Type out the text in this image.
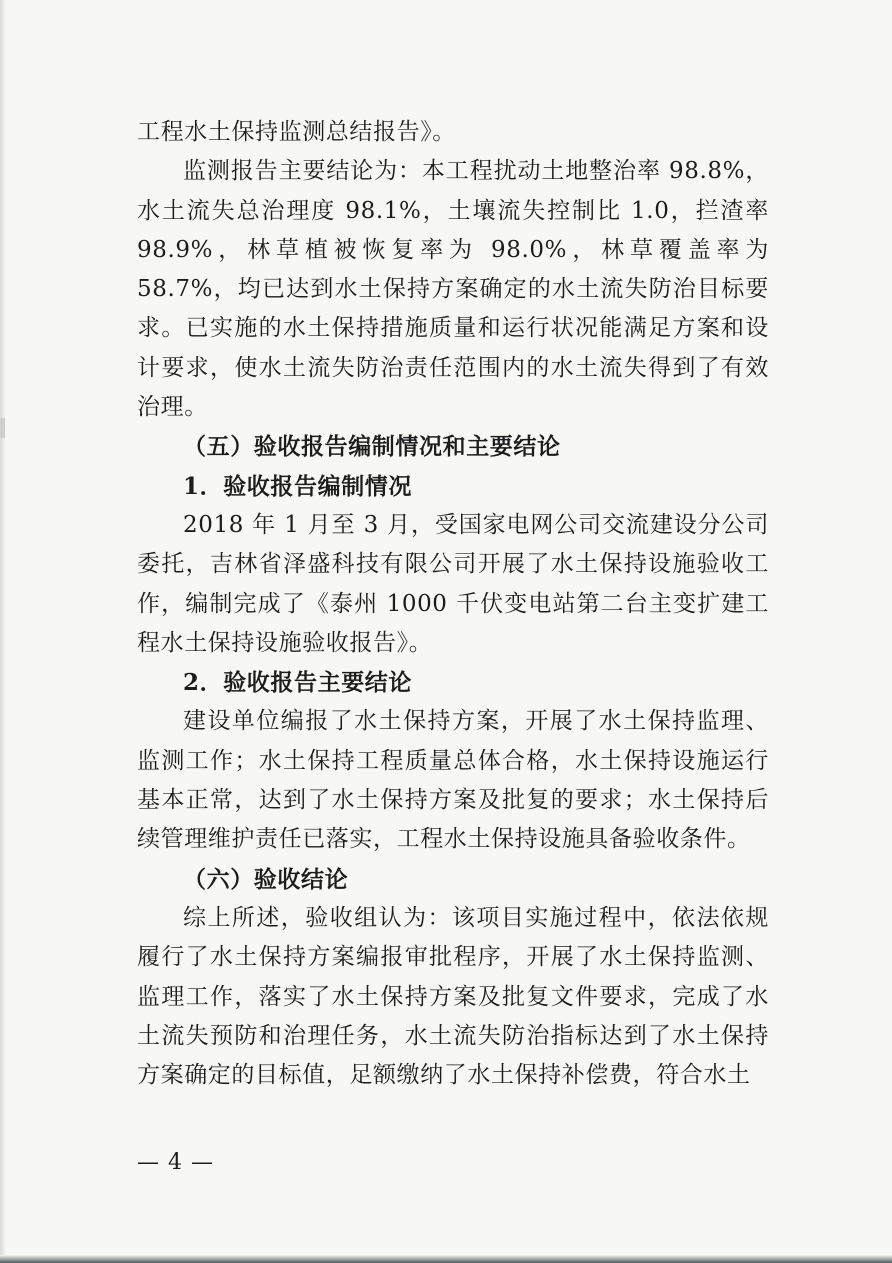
工程水土保持监测总结报告》。

监测报告主要结论为：本工程扰动土地整治率 98.8%，水土流失总治理度 98.1%，土壤流失控制比 1.0，拦渣率 98.9%，林草植被恢复率为 98.0%，林草覆盖率为 58.7%，均已达到水土保持方案确定的水土流失防治目标要求。已实施的水土保持措施质量和运行状况能满足方案和设计要求，使水土流失防治责任范围内的水土流失得到了有效治理。

（五）验收报告编制情况和主要结论

1．验收报告编制情况

2018 年 1 月至 3 月，受国家电网公司交流建设分公司委托，吉林省泽盛科技有限公司开展了水土保持设施验收工作，编制完成了《泰州 1000 千伏变电站第二台主变扩建工程水土保持设施验收报告》。

2．验收报告主要结论

建设单位编报了水土保持方案，开展了水土保持监理、监测工作；水土保持工程质量总体合格，水土保持设施运行基本正常，达到了水土保持方案及批复的要求；水土保持后续管理维护责任已落实，工程水土保持设施具备验收条件。

（六）验收结论

综上所述，验收组认为：该项目实施过程中，依法依规履行了水土保持方案编报审批程序，开展了水土保持监测、监理工作，落实了水土保持方案及批复文件要求，完成了水土流失预防和治理任务，水土流失防治指标达到了水土保持方案确定的目标值，足额缴纳了水土保持补偿费，符合水土

— 4 —
